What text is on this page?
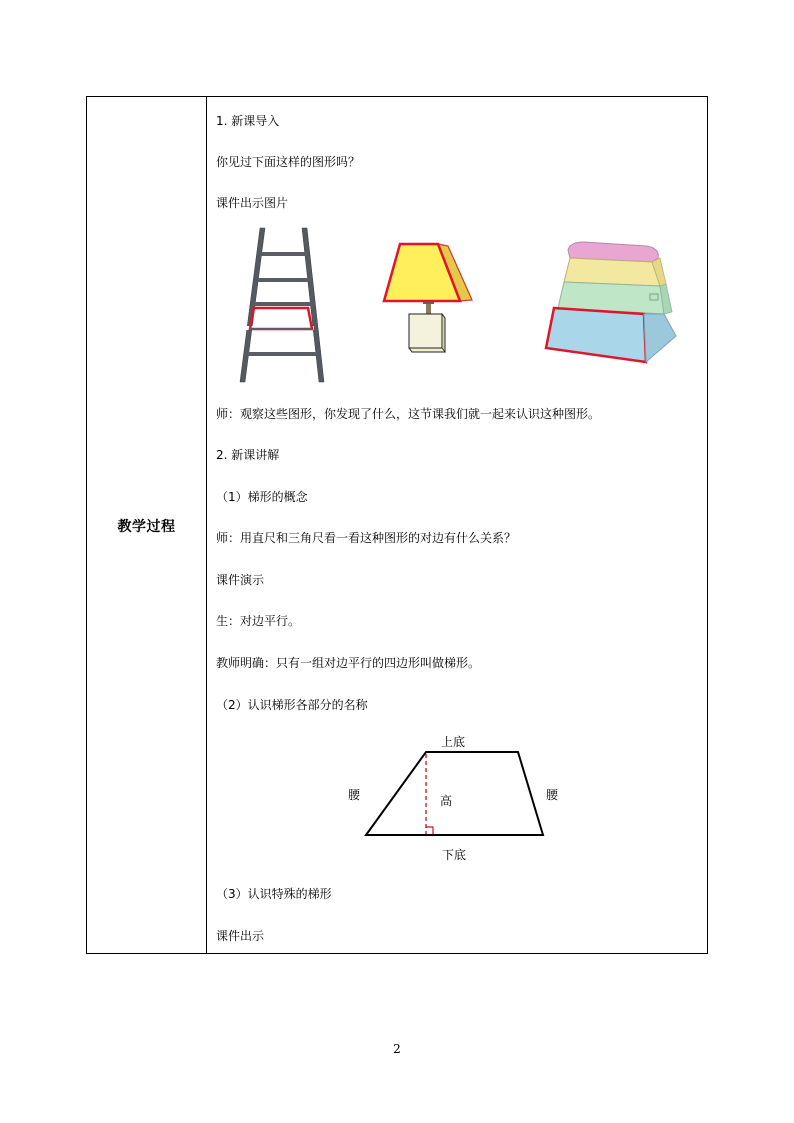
教学过程
1. 新课导入
你见过下面这样的图形吗？
课件出示图片
师：观察这些图形，你发现了什么，这节课我们就一起来认识这种图形。
2. 新课讲解
（1）梯形的概念
师：用直尺和三角尺看一看这种图形的对边有什么关系？
课件演示
生：对边平行。
教师明确：只有一组对边平行的四边形叫做梯形。
（2）认识梯形各部分的名称
上底
下底
腰	腰
高
（3）认识特殊的梯形
课件出示
2
